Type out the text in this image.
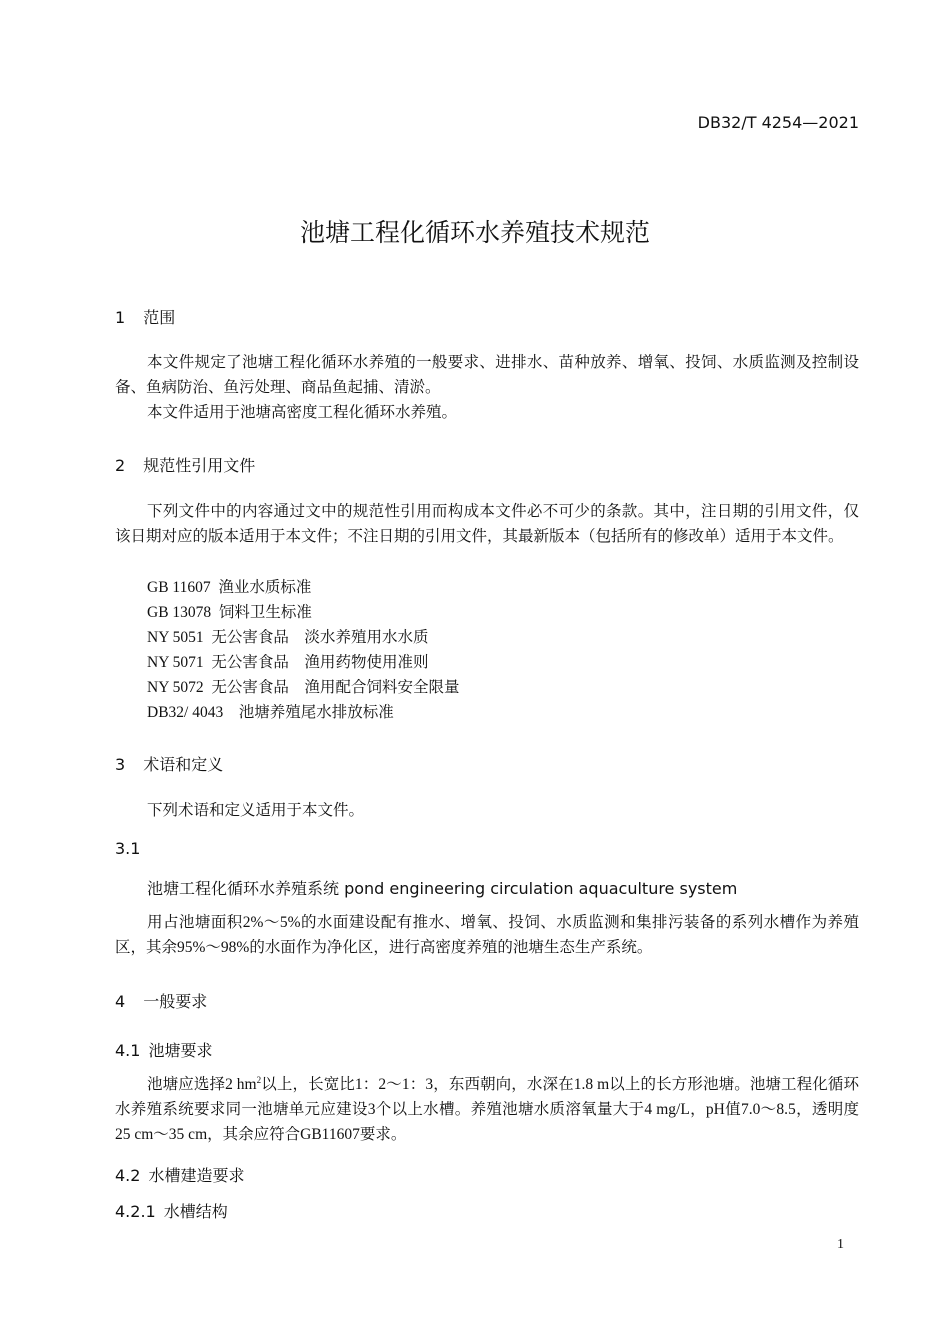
DB32/T 4254—2021
池塘工程化循环水养殖技术规范
1 范围
本文件规定了池塘工程化循环水养殖的一般要求、进排水、苗种放养、增氧、投饲、水质监测及控制设备、鱼病防治、鱼污处理、商品鱼起捕、清淤。
本文件适用于池塘高密度工程化循环水养殖。
2 规范性引用文件
下列文件中的内容通过文中的规范性引用而构成本文件必不可少的条款。其中，注日期的引用文件，仅该日期对应的版本适用于本文件；不注日期的引用文件，其最新版本（包括所有的修改单）适用于本文件。
GB 11607  渔业水质标准
GB 13078  饲料卫生标准
NY 5051  无公害食品    淡水养殖用水水质
NY 5071  无公害食品    渔用药物使用准则
NY 5072  无公害食品    渔用配合饲料安全限量
DB32/ 4043    池塘养殖尾水排放标准
3 术语和定义
下列术语和定义适用于本文件。
3.1
池塘工程化循环水养殖系统 pond engineering circulation aquaculture system
用占池塘面积2%～5%的水面建设配有推水、增氧、投饲、水质监测和集排污装备的系列水槽作为养殖区，其余95%～98%的水面作为净化区，进行高密度养殖的池塘生态生产系统。
4 一般要求
4.1 池塘要求
池塘应选择2 $hm^2$以上，长宽比1：2～1：3，东西朝向，水深在1.8 m以上的长方形池塘。池塘工程化循环水养殖系统要求同一池塘单元应建设3个以上水槽。养殖池塘水质溶氧量大于4 mg/L，pH值7.0～8.5，透明度25 cm～35 cm，其余应符合GB11607要求。
4.2 水槽建造要求
4.2.1 水槽结构
1
